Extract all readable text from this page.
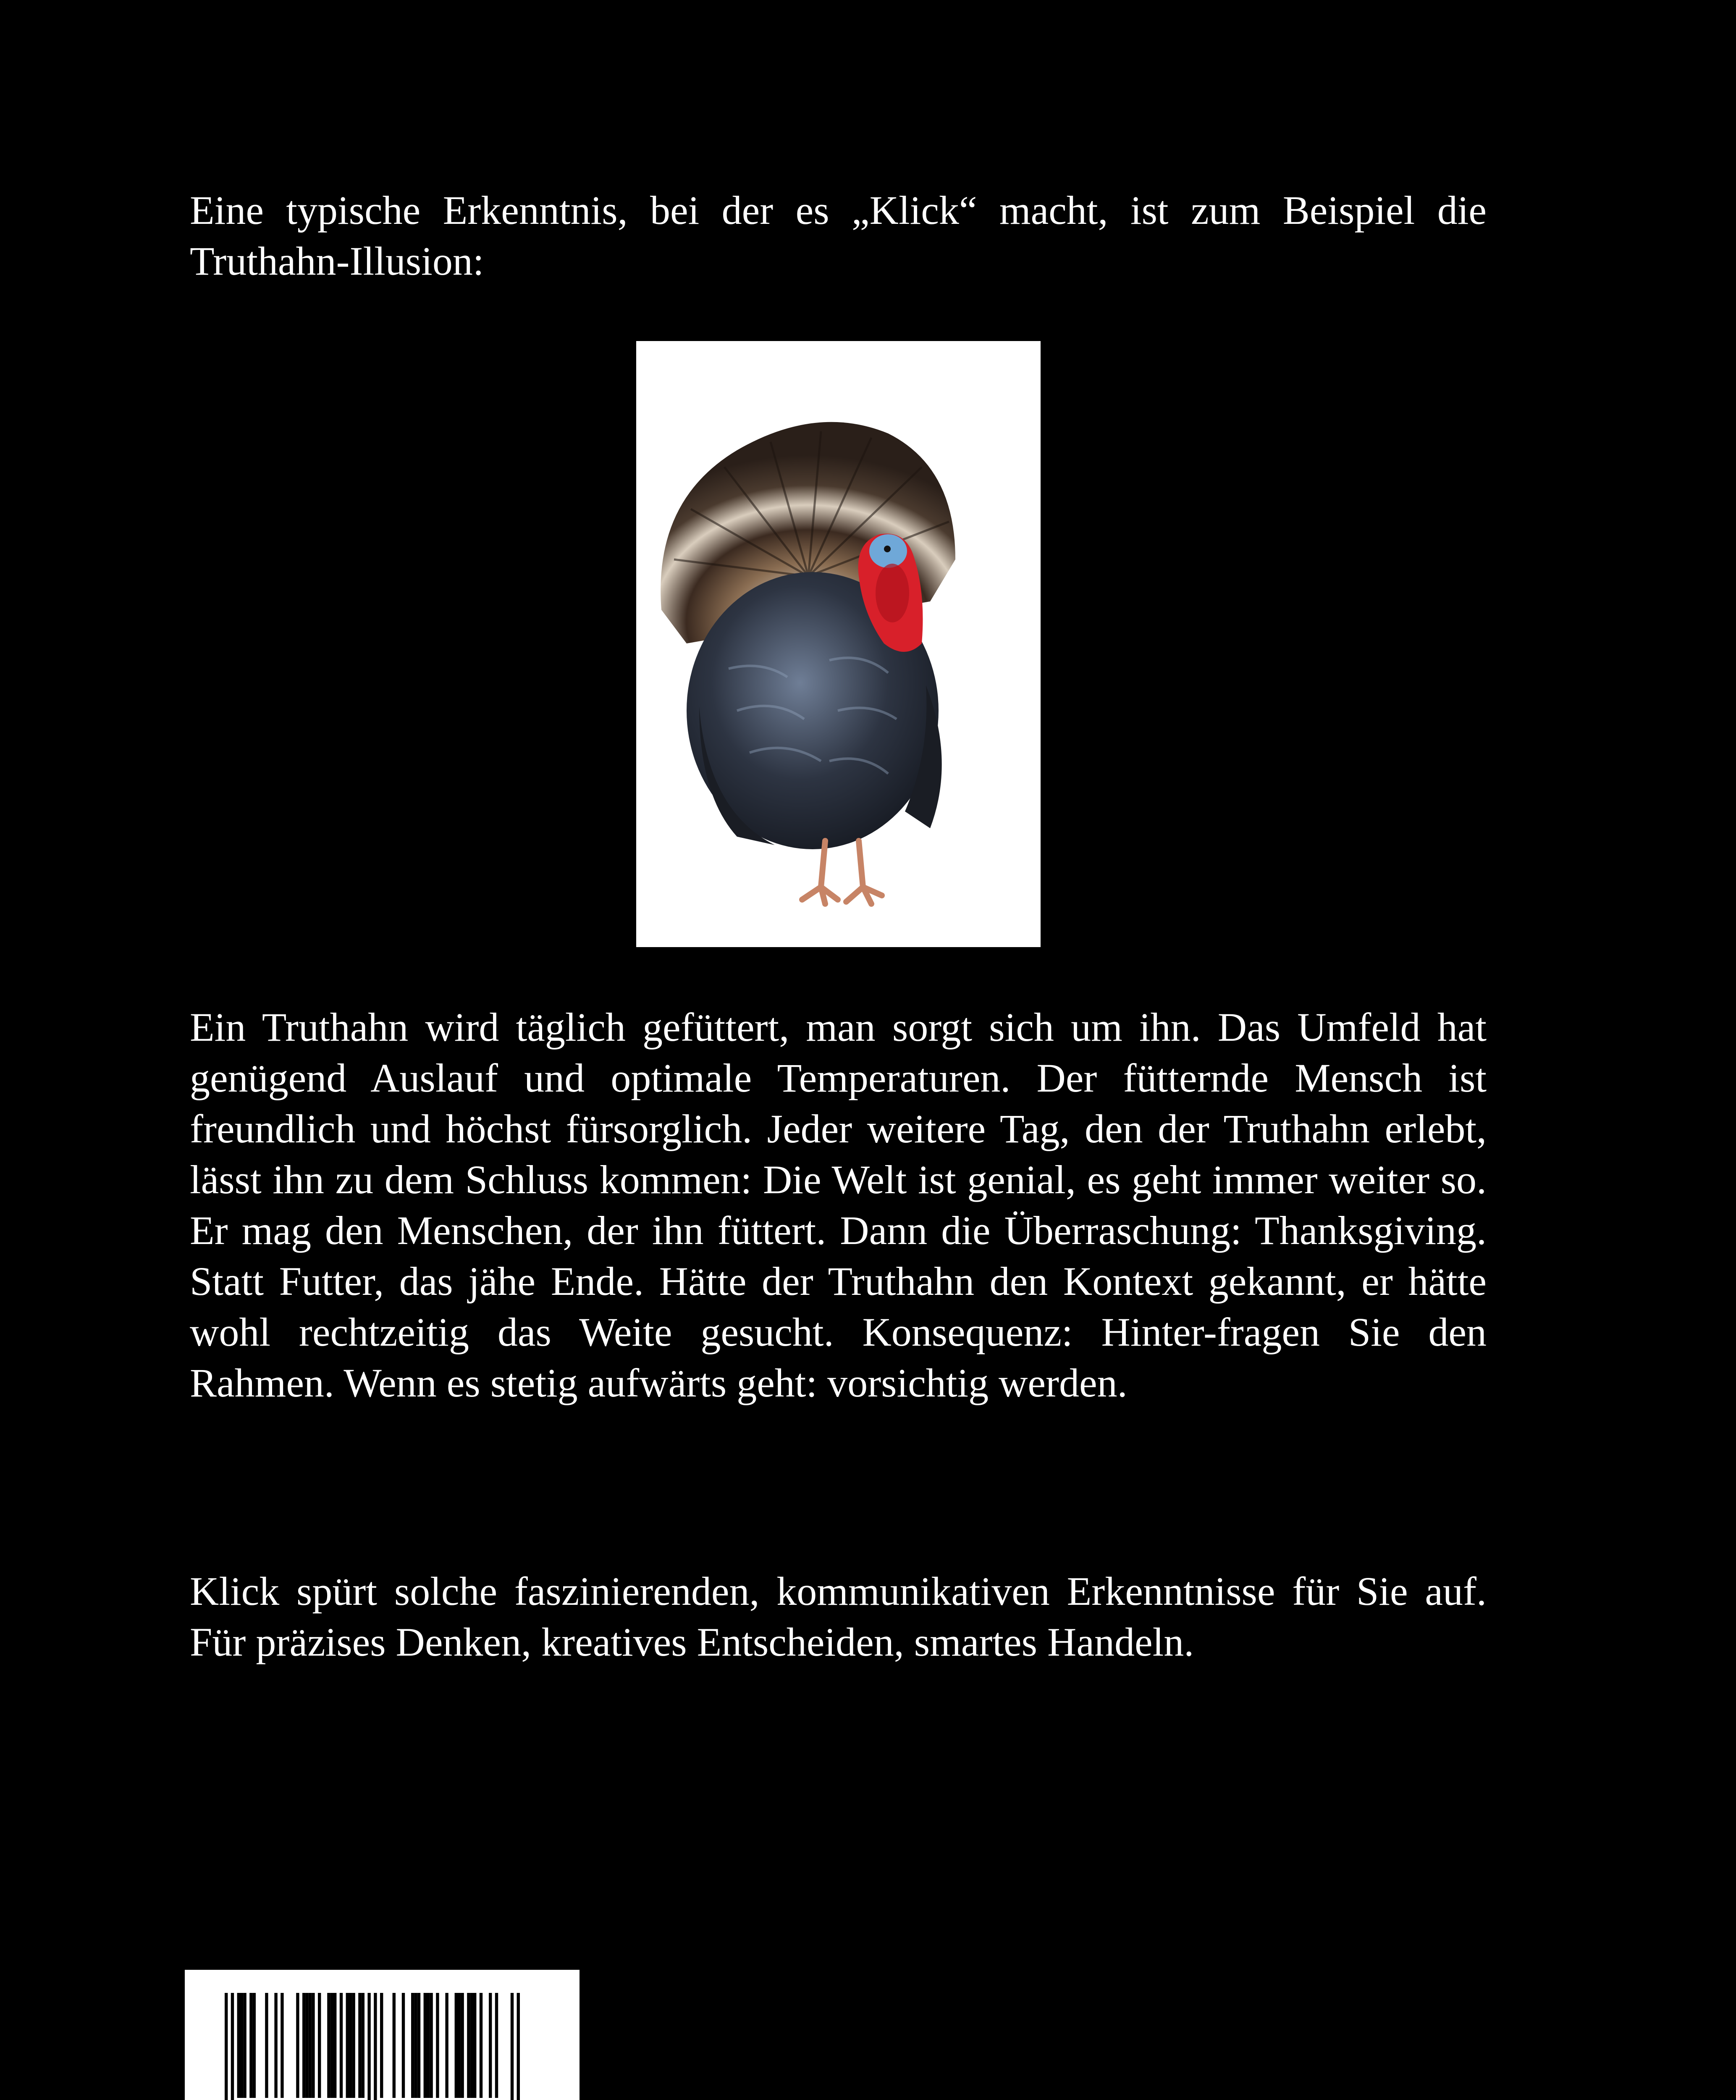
Eine typische Erkenntnis, bei der es „Klick“ macht, ist zum Beispiel die Truthahn-Illusion:

Ein Truthahn wird täglich gefüttert, man sorgt sich um ihn. Das Umfeld hat genügend Auslauf und optimale Temperaturen. Der fütternde Mensch ist freundlich und höchst fürsorglich. Jeder weitere Tag, den der Truthahn erlebt, lässt ihn zu dem Schluss kommen: Die Welt ist genial, es geht immer weiter so. Er mag den Menschen, der ihn füttert. Dann die Überraschung: Thanksgiving. Statt Futter, das jähe Ende. Hätte der Truthahn den Kontext gekannt, er hätte wohl rechtzeitig das Weite gesucht. Konsequenz: Hinter-fragen Sie den Rahmen. Wenn es stetig aufwärts geht: vorsichtig werden.

Klick spürt solche faszinierenden, kommunikativen Erkenntnisse für Sie auf. Für präzises Denken, kreatives Entscheiden, smartes Handeln.
